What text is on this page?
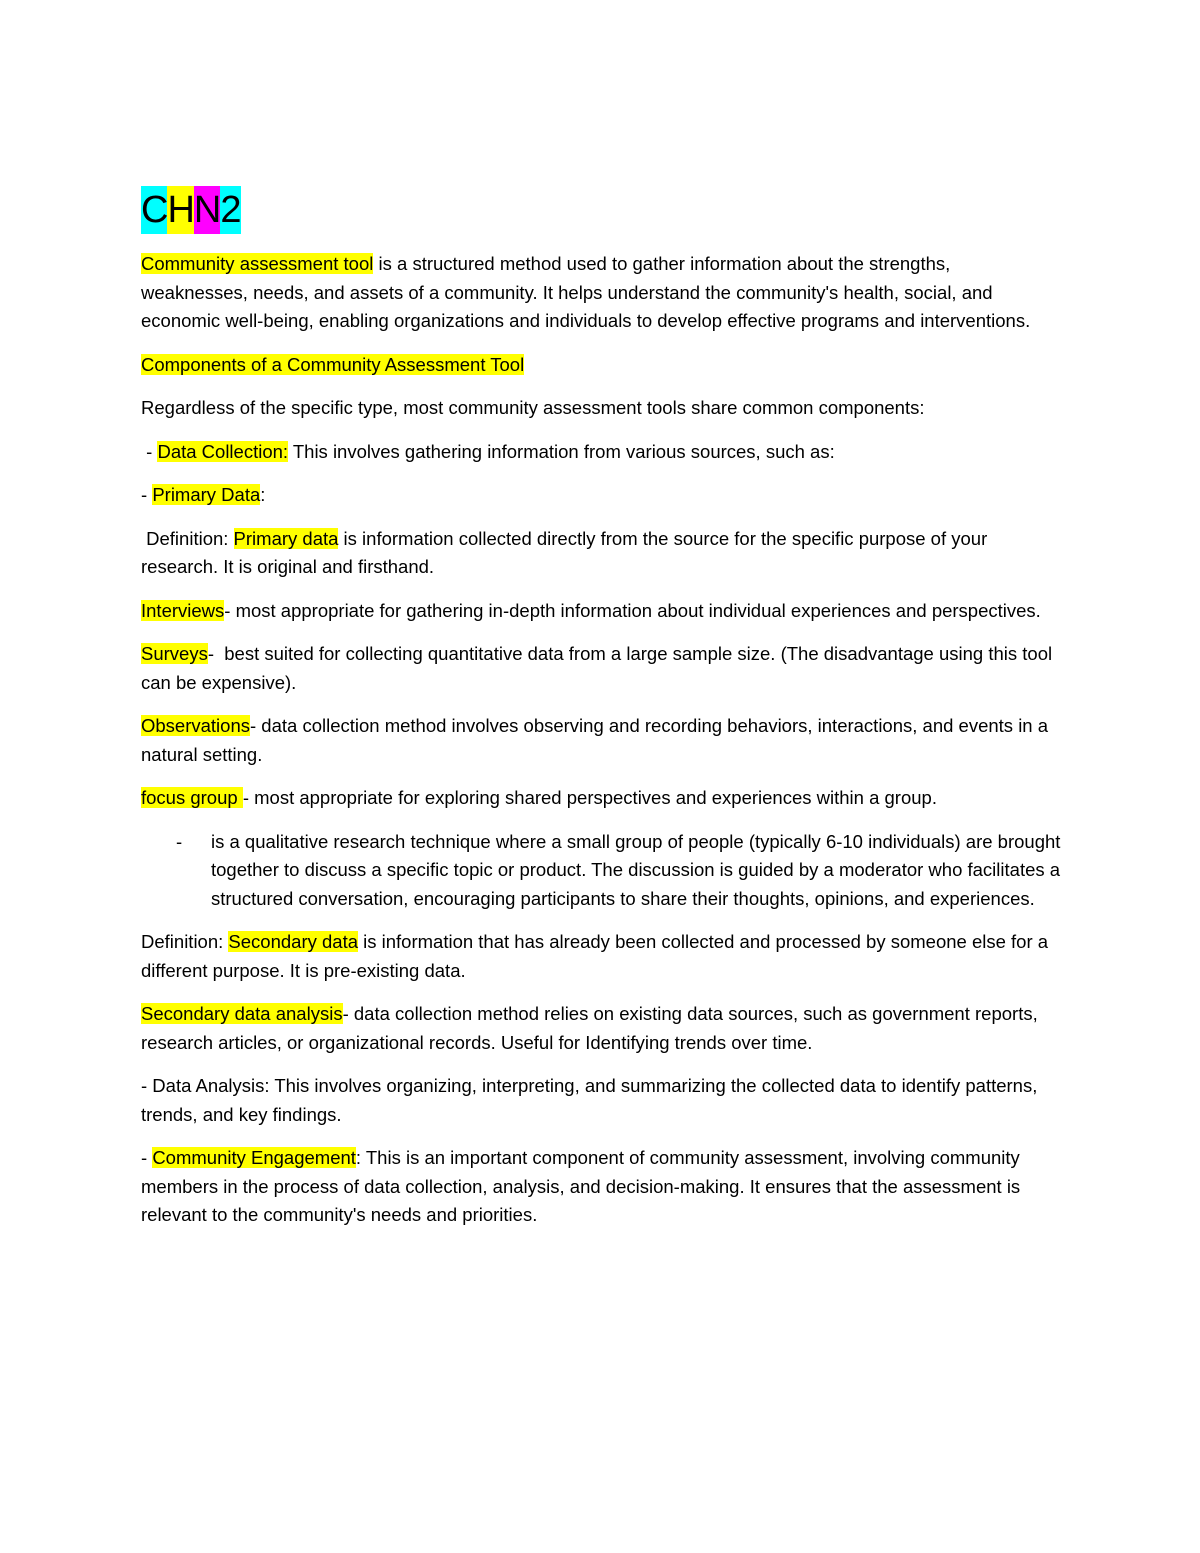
CHN2

Community assessment tool is a structured method used to gather information about the strengths, weaknesses, needs, and assets of a community. It helps understand the community's health, social, and economic well-being, enabling organizations and individuals to develop effective programs and interventions.

Components of a Community Assessment Tool

Regardless of the specific type, most community assessment tools share common components:

- Data Collection: This involves gathering information from various sources, such as:

- Primary Data:

Definition: Primary data is information collected directly from the source for the specific purpose of your research. It is original and firsthand.

Interviews- most appropriate for gathering in-depth information about individual experiences and perspectives.

Surveys-  best suited for collecting quantitative data from a large sample size. (The disadvantage using this tool can be expensive).

Observations- data collection method involves observing and recording behaviors, interactions, and events in a natural setting.

focus group - most appropriate for exploring shared perspectives and experiences within a group.

-	is a qualitative research technique where a small group of people (typically 6-10 individuals) are brought together to discuss a specific topic or product. The discussion is guided by a moderator who facilitates a structured conversation, encouraging participants to share their thoughts, opinions, and experiences.

Definition: Secondary data is information that has already been collected and processed by someone else for a different purpose. It is pre-existing data.

Secondary data analysis- data collection method relies on existing data sources, such as government reports, research articles, or organizational records. Useful for Identifying trends over time.

- Data Analysis: This involves organizing, interpreting, and summarizing the collected data to identify patterns, trends, and key findings.

- Community Engagement: This is an important component of community assessment, involving community members in the process of data collection, analysis, and decision-making. It ensures that the assessment is relevant to the community's needs and priorities.
